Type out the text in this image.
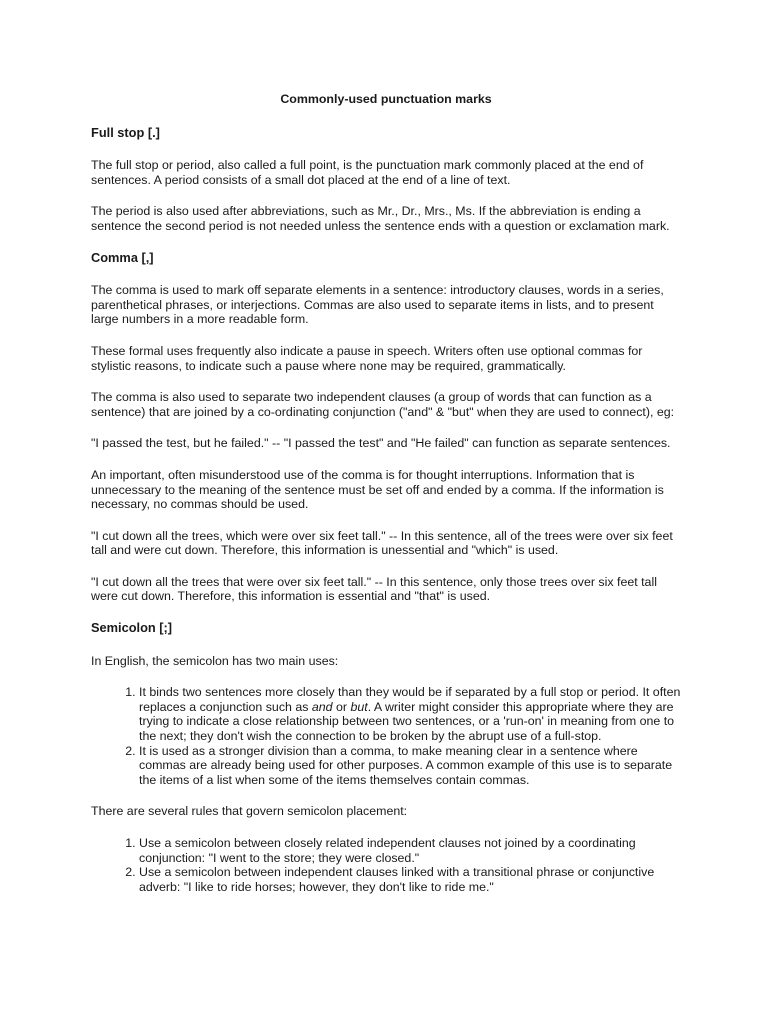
Commonly-used punctuation marks
Full stop [.]

The full stop or period, also called a full point, is the punctuation mark commonly placed at the end of sentences. A period consists of a small dot placed at the end of a line of text.

The period is also used after abbreviations, such as Mr., Dr., Mrs., Ms. If the abbreviation is ending a sentence the second period is not needed unless the sentence ends with a question or exclamation mark.

Comma [,]

The comma is used to mark off separate elements in a sentence: introductory clauses, words in a series, parenthetical phrases, or interjections. Commas are also used to separate items in lists, and to present large numbers in a more readable form.

These formal uses frequently also indicate a pause in speech. Writers often use optional commas for stylistic reasons, to indicate such a pause where none may be required, grammatically.

The comma is also used to separate two independent clauses (a group of words that can function as a sentence) that are joined by a co-ordinating conjunction ("and" & "but" when they are used to connect), eg:

"I passed the test, but he failed." -- "I passed the test" and "He failed" can function as separate sentences.

An important, often misunderstood use of the comma is for thought interruptions. Information that is unnecessary to the meaning of the sentence must be set off and ended by a comma. If the information is necessary, no commas should be used.

"I cut down all the trees, which were over six feet tall." -- In this sentence, all of the trees were over six feet tall and were cut down. Therefore, this information is unessential and "which" is used.

"I cut down all the trees that were over six feet tall." -- In this sentence, only those trees over six feet tall were cut down. Therefore, this information is essential and "that" is used.

Semicolon [;]

In English, the semicolon has two main uses:

1. It binds two sentences more closely than they would be if separated by a full stop or period. It often replaces a conjunction such as and or but. A writer might consider this appropriate where they are trying to indicate a close relationship between two sentences, or a 'run-on' in meaning from one to the next; they don't wish the connection to be broken by the abrupt use of a full-stop.
2. It is used as a stronger division than a comma, to make meaning clear in a sentence where commas are already being used for other purposes. A common example of this use is to separate the items of a list when some of the items themselves contain commas.

There are several rules that govern semicolon placement:

1. Use a semicolon between closely related independent clauses not joined by a coordinating conjunction: "I went to the store; they were closed."
2. Use a semicolon between independent clauses linked with a transitional phrase or conjunctive adverb: "I like to ride horses; however, they don't like to ride me."
